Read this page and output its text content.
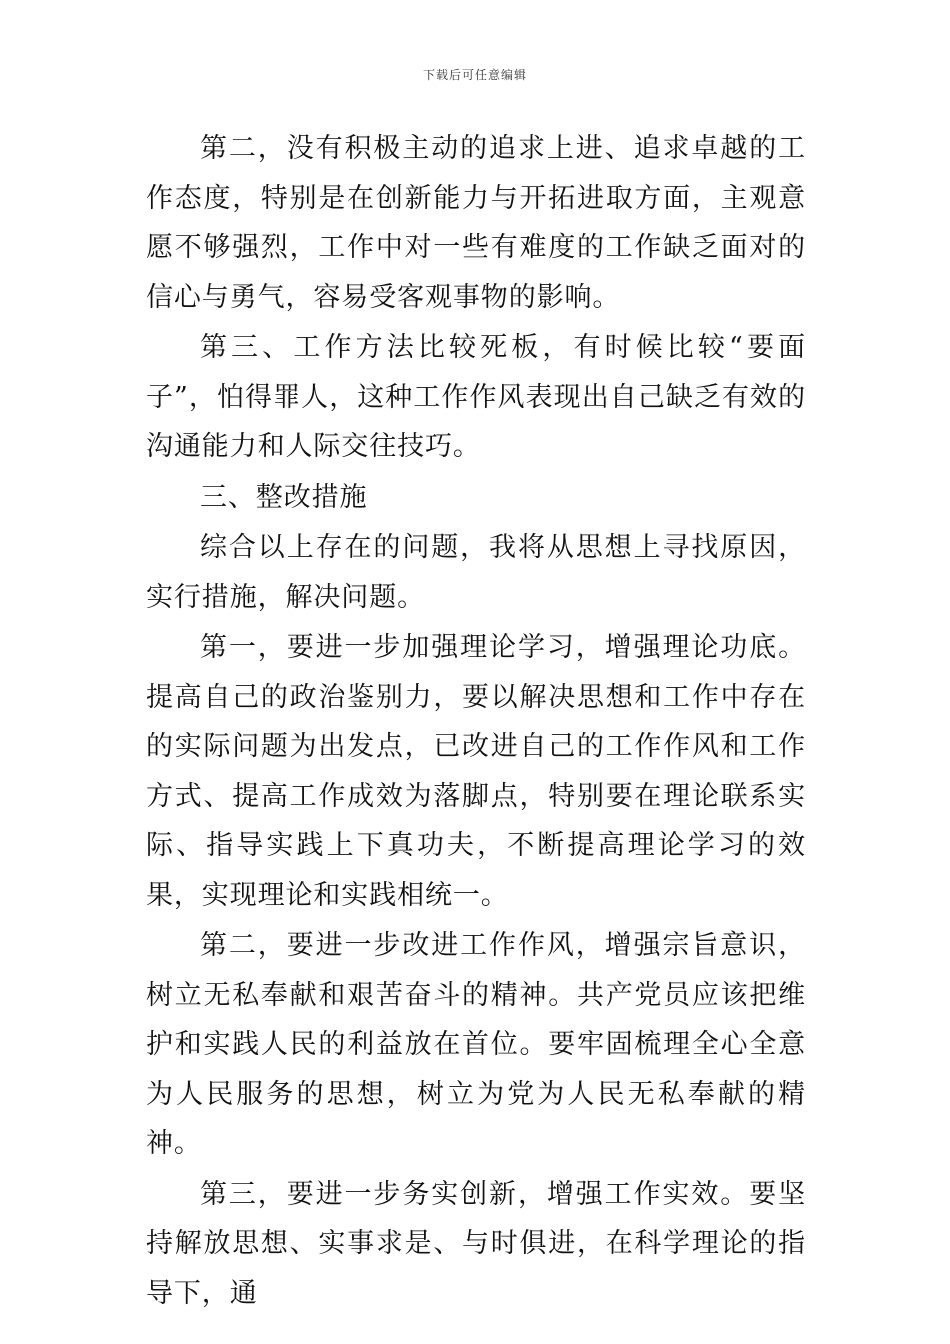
下载后可任意编辑

第二，没有积极主动的追求上进、追求卓越的工作态度，特别是在创新能力与开拓进取方面，主观意愿不够强烈，工作中对一些有难度的工作缺乏面对的信心与勇气，容易受客观事物的影响。

第三、工作方法比较死板，有时候比较“要面子”，怕得罪人，这种工作作风表现出自己缺乏有效的沟通能力和人际交往技巧。

三、整改措施

综合以上存在的问题，我将从思想上寻找原因，实行措施，解决问题。

第一，要进一步加强理论学习，增强理论功底。提高自己的政治鉴别力，要以解决思想和工作中存在的实际问题为出发点，已改进自己的工作作风和工作方式、提高工作成效为落脚点，特别要在理论联系实际、指导实践上下真功夫，不断提高理论学习的效果，实现理论和实践相统一。

第二，要进一步改进工作作风，增强宗旨意识，树立无私奉献和艰苦奋斗的精神。共产党员应该把维护和实践人民的利益放在首位。要牢固梳理全心全意为人民服务的思想，树立为党为人民无私奉献的精神。

第三，要进一步务实创新，增强工作实效。要坚持解放思想、实事求是、与时俱进，在科学理论的指导下，通
